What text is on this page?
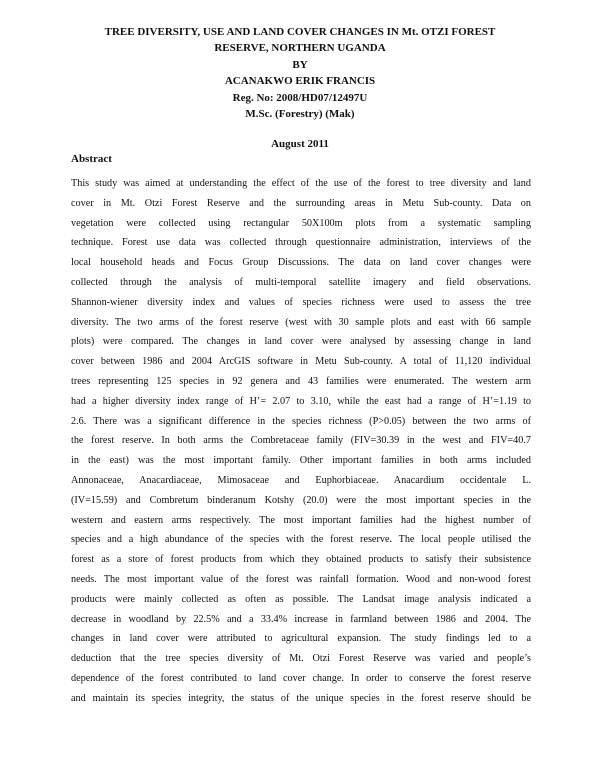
TREE DIVERSITY, USE AND LAND COVER CHANGES IN Mt. OTZI FOREST
RESERVE, NORTHERN UGANDA
BY
ACANAKWO ERIK FRANCIS
Reg. No: 2008/HD07/12497U
M.Sc. (Forestry) (Mak)
August 2011
Abstract
This study was aimed at understanding the effect of the use of the forest to tree diversity and land
cover in Mt. Otzi Forest Reserve and the surrounding areas in Metu Sub-county. Data on
vegetation were collected using rectangular 50X100m plots from a systematic sampling
technique. Forest use data was collected through questionnaire administration, interviews of the
local household heads and Focus Group Discussions. The data on land cover changes were
collected through the analysis of multi-temporal satellite imagery and field observations.
Shannon-wiener diversity index and values of species richness were used to assess the tree
diversity. The two arms of the forest reserve (west with 30 sample plots and east with 66 sample
plots) were compared. The changes in land cover were analysed by assessing change in land
cover between 1986 and 2004 ArcGIS software in Metu Sub-county. A total of 11,120 individual
trees representing 125 species in 92 genera and 43 families were enumerated. The western arm
had a higher diversity index range of H’= 2.07 to 3.10, while the east had a range of H’=1.19 to
2.6. There was a significant difference in the species richness (P>0.05) between the two arms of
the forest reserve. In both arms the Combretaceae family (FIV=30.39 in the west and FIV=40.7
in the east) was the most important family. Other important families in both arms included
Annonaceae, Anacardiaceae, Mimosaceae and Euphorbiaceae. Anacardium occidentale L.
(IV=15.59) and Combretum binderanum Kotshy (20.0) were the most important species in the
western and eastern arms respectively. The most important families had the highest number of
species and a high abundance of the species with the forest reserve. The local people utilised the
forest as a store of forest products from which they obtained products to satisfy their subsistence
needs. The most important value of the forest was rainfall formation. Wood and non-wood forest
products were mainly collected as often as possible. The Landsat image analysis indicated a
decrease in woodland by 22.5% and a 33.4% increase in farmland between 1986 and 2004. The
changes in land cover were attributed to agricultural expansion. The study findings led to a
deduction that the tree species diversity of Mt. Otzi Forest Reserve was varied and people’s
dependence of the forest contributed to land cover change. In order to conserve the forest reserve
and maintain its species integrity, the status of the unique species in the forest reserve should be
